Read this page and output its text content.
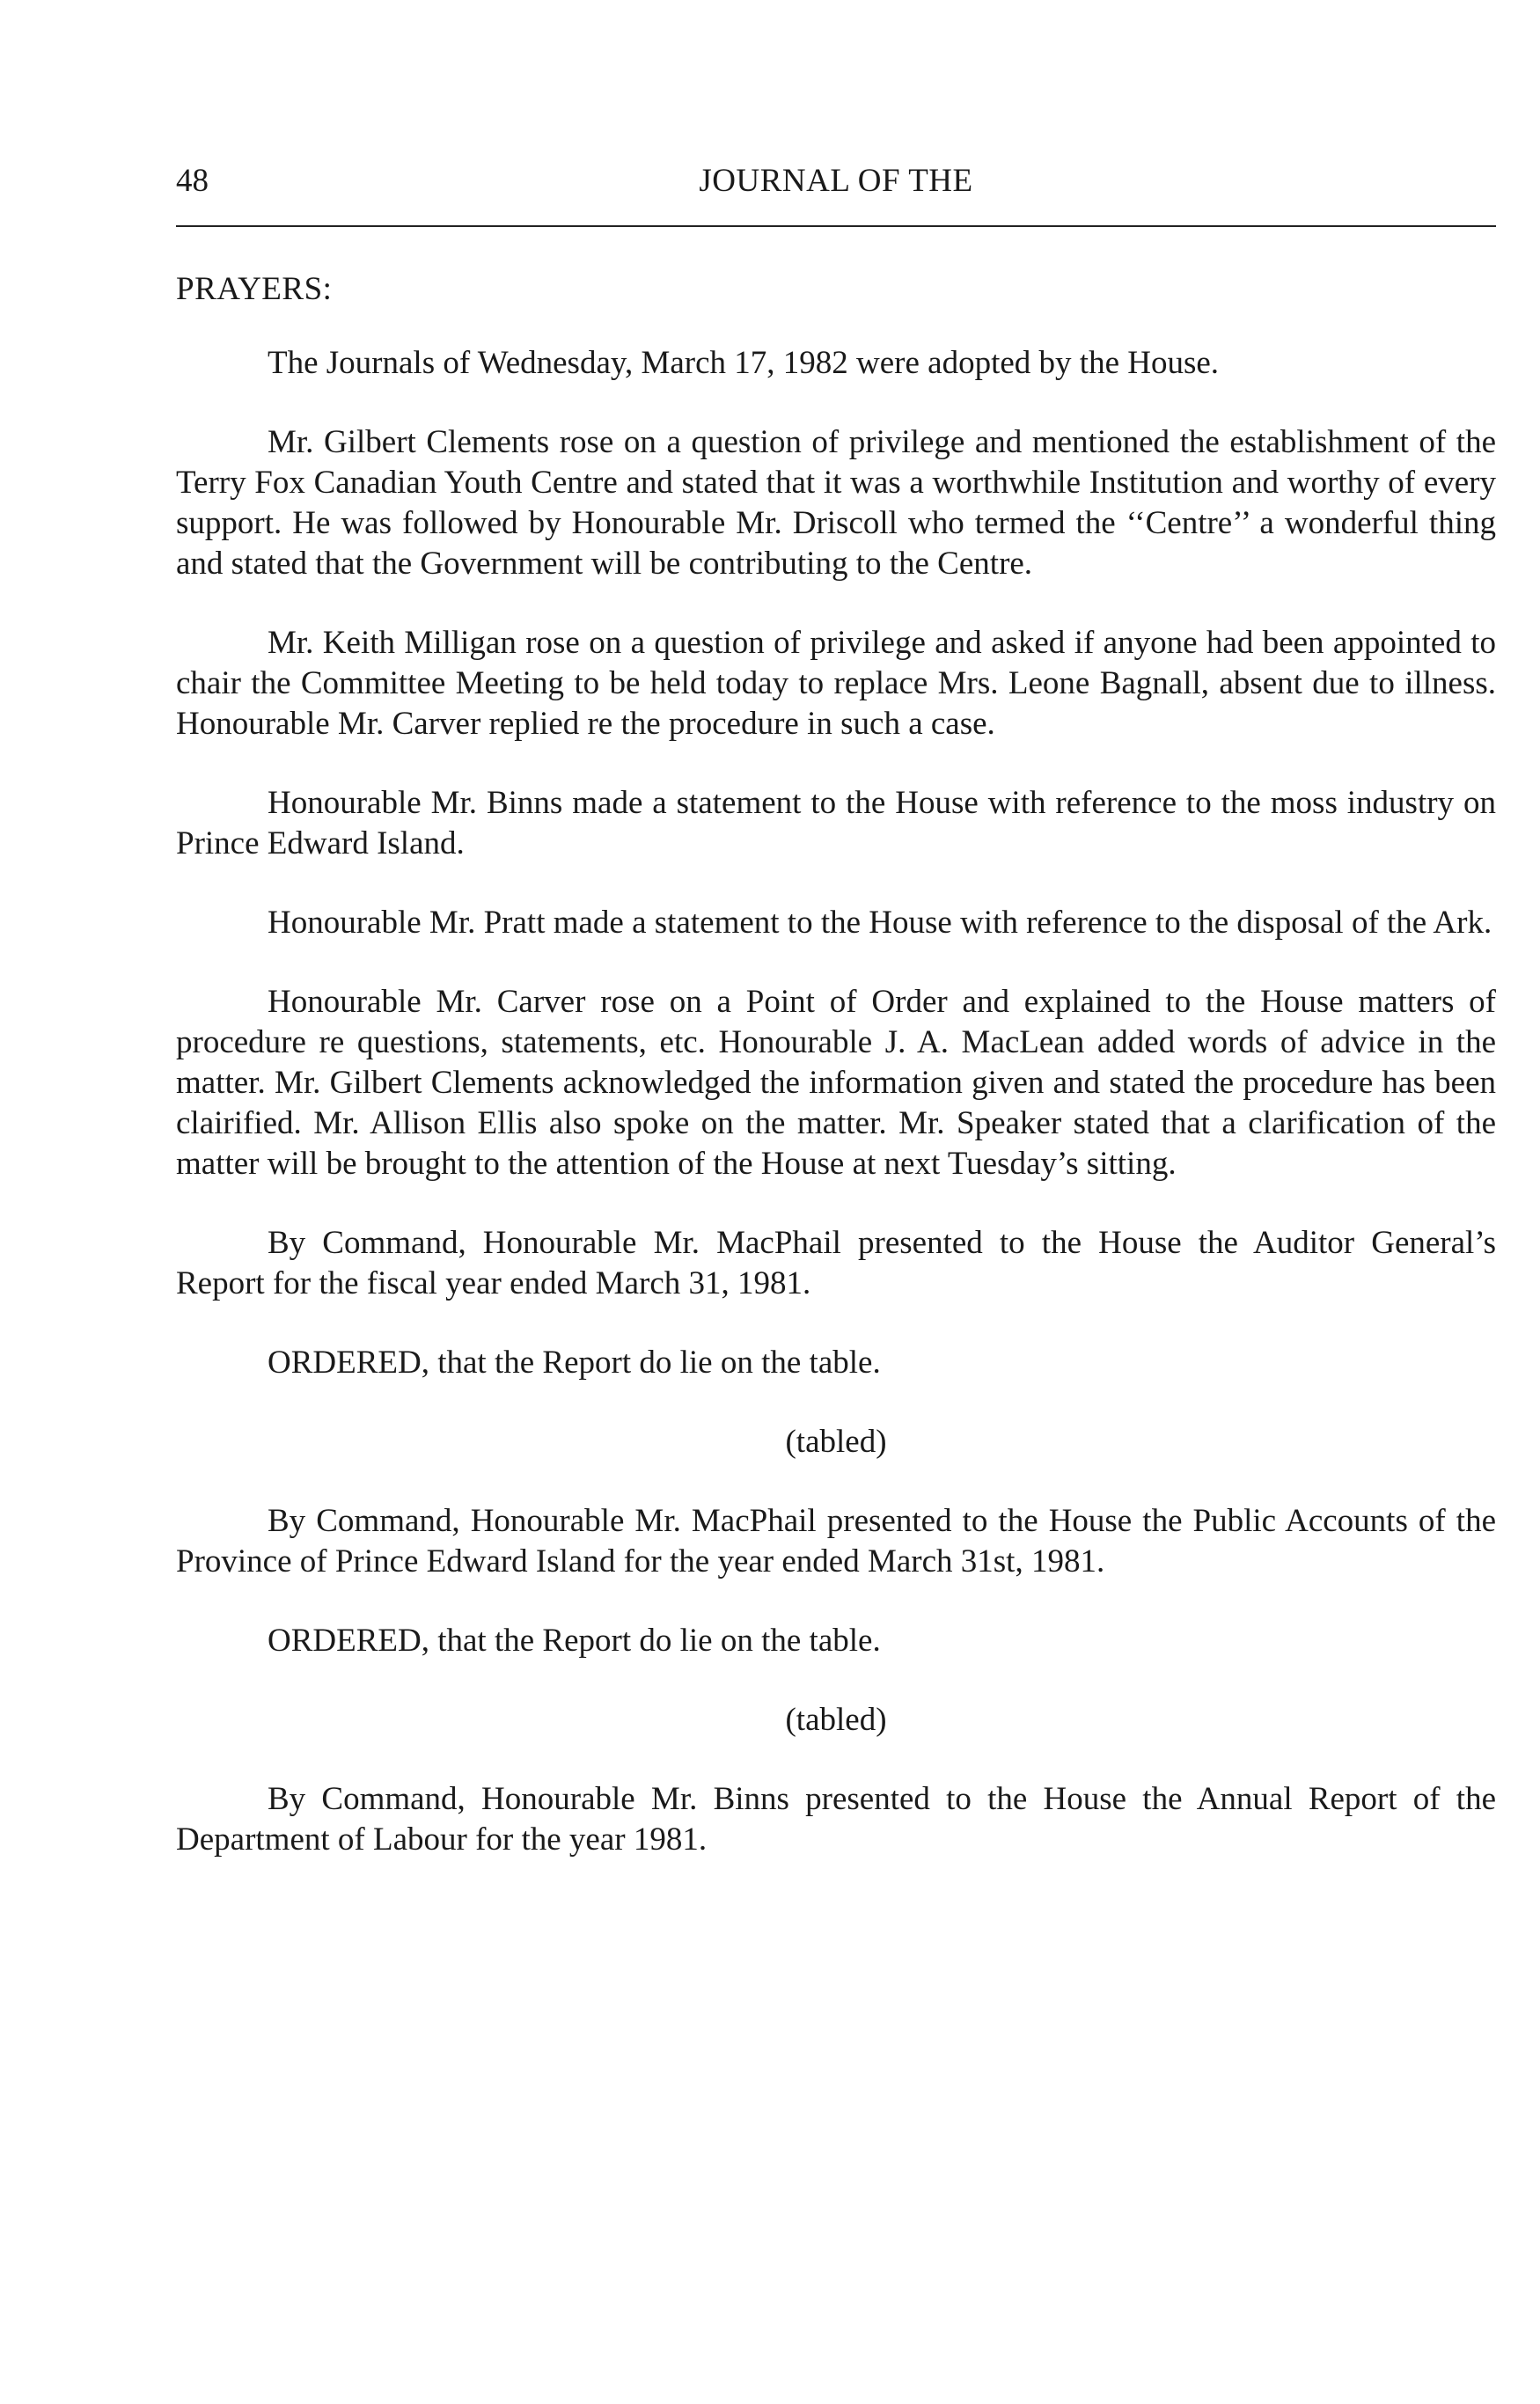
48	JOURNAL OF THE
PRAYERS:

The Journals of Wednesday, March 17, 1982 were adopted by the House.

Mr. Gilbert Clements rose on a question of privilege and mentioned the establishment of the Terry Fox Canadian Youth Centre and stated that it was a worthwhile Institution and worthy of every support. He was followed by Honourable Mr. Driscoll who termed the ‘‘Centre’’ a wonderful thing and stated that the Government will be contributing to the Centre.

Mr. Keith Milligan rose on a question of privilege and asked if anyone had been appointed to chair the Committee Meeting to be held today to replace Mrs. Leone Bagnall, absent due to illness. Honourable Mr. Carver replied re the procedure in such a case.

Honourable Mr. Binns made a statement to the House with reference to the moss industry on Prince Edward Island.

Honourable Mr. Pratt made a statement to the House with reference to the disposal of the Ark.

Honourable Mr. Carver rose on a Point of Order and explained to the House matters of procedure re questions, statements, etc. Honourable J. A. MacLean added words of advice in the matter. Mr. Gilbert Clements acknowledged the information given and stated the procedure has been clairified. Mr. Allison Ellis also spoke on the matter. Mr. Speaker stated that a clarification of the matter will be brought to the attention of the House at next Tuesday’s sitting.

By Command, Honourable Mr. MacPhail presented to the House the Auditor General’s Report for the fiscal year ended March 31, 1981.

ORDERED, that the Report do lie on the table.

(tabled)

By Command, Honourable Mr. MacPhail presented to the House the Public Accounts of the Province of Prince Edward Island for the year ended March 31st, 1981.

ORDERED, that the Report do lie on the table.

(tabled)

By Command, Honourable Mr. Binns presented to the House the Annual Report of the Department of Labour for the year 1981.
